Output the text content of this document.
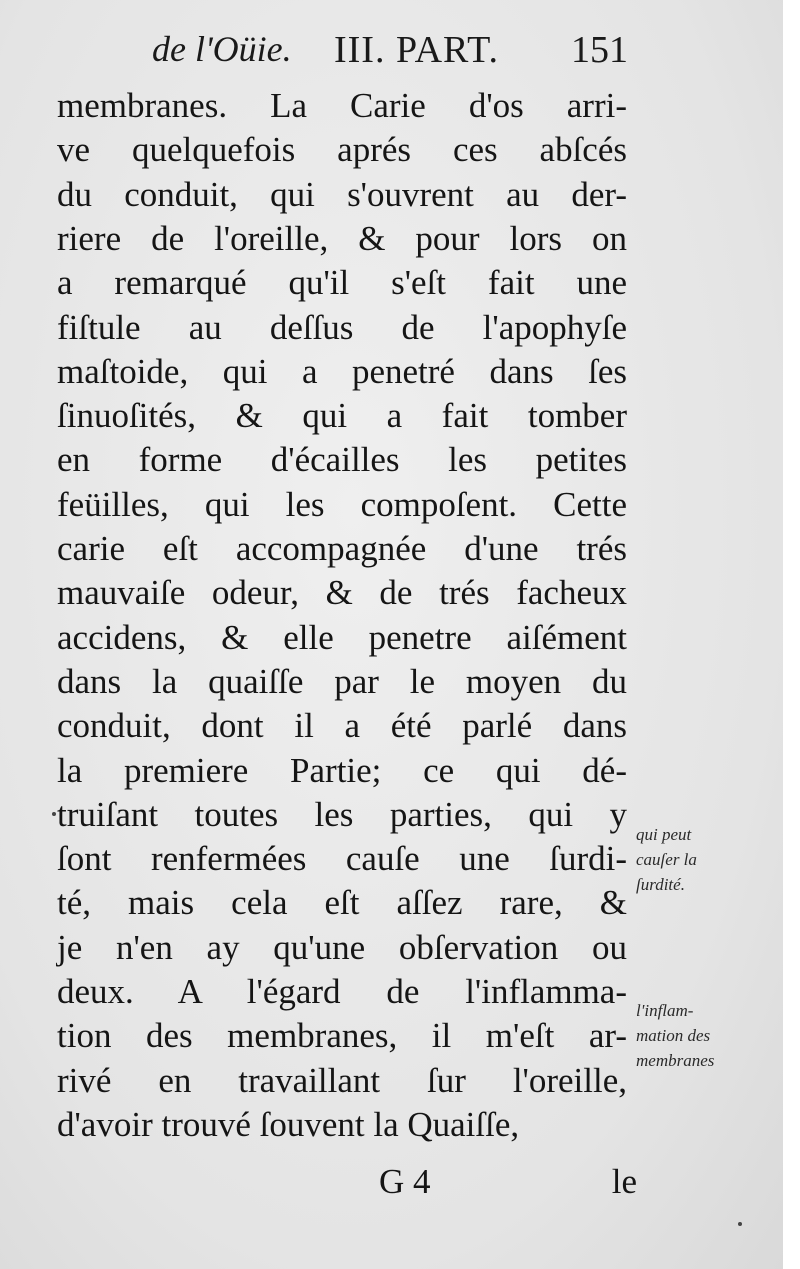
de l'Oüie. III. PART. 151
membranes. La Carie d'os arri-
ve quelquefois aprés ces abſcés
du conduit, qui s'ouvrent au der-
riere de l'oreille, & pour lors on
a remarqué qu'il s'eſt fait une
fiſtule au deſſus de l'apophyſe
maſtoide, qui a penetré dans ſes
ſinuoſités, & qui a fait tomber
en forme d'écailles les petites
feüilles, qui les compoſent. Cette
carie eſt accompagnée d'une trés
mauvaiſe odeur, & de trés facheux
accidens, & elle penetre aiſément
dans la quaiſſe par le moyen du
conduit, dont il a été parlé dans
la premiere Partie; ce qui dé-
truiſant toutes les parties, qui y
ſont renfermées cauſe une ſurdi-
té, mais cela eſt aſſez rare, &
je n'en ay qu'une obſervation ou
deux. A l'égard de l'inflamma-
tion des membranes, il m'eſt ar-
rivé en travaillant ſur l'oreille,
d'avoir trouvé ſouvent la Quaiſſe,
qui peut
cauſer la
ſurdité.
l'inflam-
mation des
membranes
G 4	le
